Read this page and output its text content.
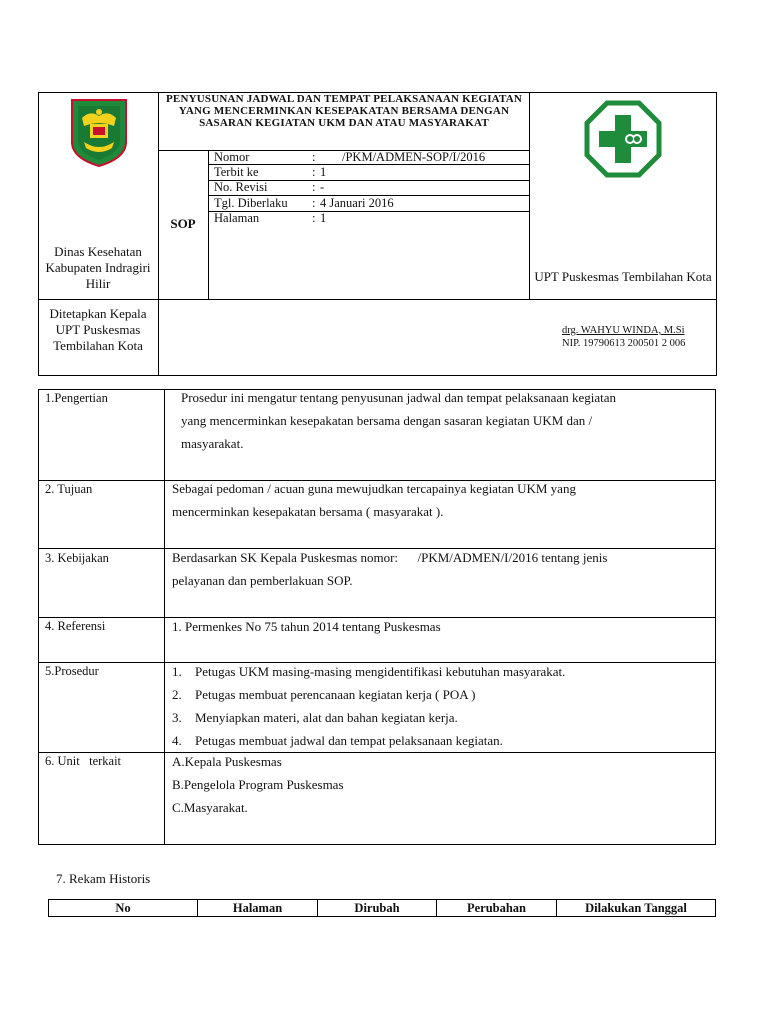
PENYUSUNAN JADWAL DAN TEMPAT PELAKSANAAN KEGIATAN YANG MENCERMINKAN KESEPAKATAN BERSAMA DENGAN SASARAN KEGIATAN UKM DAN ATAU MASYARAKAT
Dinas Kesehatan Kabupaten Indragiri Hilir
SOP
Nomor	: /PKM/ADMEN-SOP/I/2016
Terbit ke	: 1
No. Revisi	: -
Tgl. Diberlaku : 4 Januari 2016
Halaman	: 1
UPT Puskesmas Tembilahan Kota
Ditetapkan Kepala UPT Puskesmas Tembilahan Kota
drg. WAHYU WINDA, M.Si
NIP. 19790613 200501 2 006
1.Pengertian	Prosedur ini mengatur tentang penyusunan jadwal dan tempat pelaksanaan kegiatan
yang mencerminkan kesepakatan bersama dengan sasaran kegiatan UKM dan /
masyarakat.
2. Tujuan	Sebagai pedoman / acuan guna mewujudkan tercapainya kegiatan UKM yang
mencerminkan kesepakatan bersama ( masyarakat ).
3. Kebijakan	Berdasarkan SK Kepala Puskesmas nomor:      /PKM/ADMEN/I/2016 tentang jenis
pelayanan dan pemberlakuan SOP.
4. Referensi	1. Permenkes No 75 tahun 2014 tentang Puskesmas
5.Prosedur	1. Petugas UKM masing-masing mengidentifikasi kebutuhan masyarakat.
2. Petugas membuat perencanaan kegiatan kerja ( POA )
3. Menyiapkan materi, alat dan bahan kegiatan kerja.
4. Petugas membuat jadwal dan tempat pelaksanaan kegiatan.
6. Unit   terkait	A.Kepala Puskesmas
B.Pengelola Program Puskesmas
C.Masyarakat.
7. Rekam Historis
No	Halaman	Dirubah	Perubahan	Dilakukan Tanggal
